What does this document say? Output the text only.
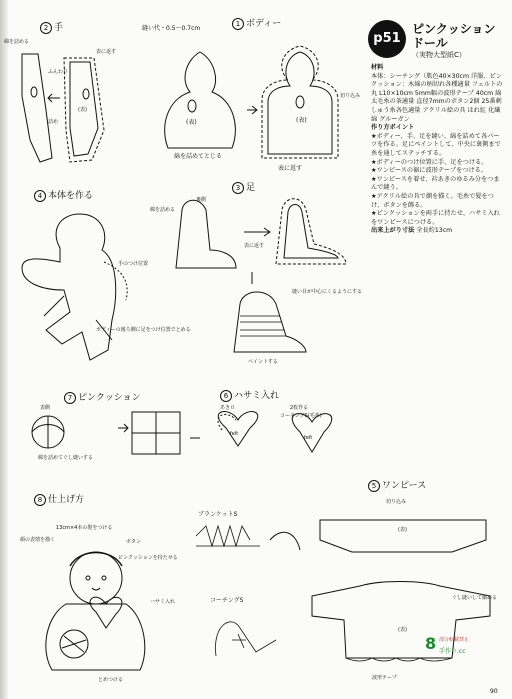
p51
ピンクッション
ドール
（実物大型紙C）
材料
本体：シーチング（肌色40×30cm 洋服、ピンクッション：木綿の柄切れ各種適量 フェルトの丸 L10×10cm 5mm幅の波形テープ 40cm 綿 太毛糸の茶適量 直径7mmのボタン2個 25番刺しゅう糸各色適量 アクリル絵の具 はれ紅 化繊綿 グルーガン
作り方ポイント
★ボディー、手、足を縫い、綿を詰めて各パーツを作る。足にペイントして、中央に裏側まで糸を通してステッチする。
★ボディーのつけ位置に手、足をつける。
★ワンピースの裾に波形テープをつける。
★ワンピースを着せ、衿あきのゆるみ分をつまんで縫う。
★アクリル絵の具で顔を描く。毛糸で髪をつけ、ボタンを飾る。
★ピンクッションを両手に持たせ、ハサミ入れをワンピースにつける。
出来上がり寸法 全長約13cm
1 ボディー
縫い代・0.5〜0.7cm
(表)
(表)
綿を詰めてとじる
表に返す
切り込み
2 手
綿を詰める
ふんわり
詰め
表に返す
(表)
3 足
綿を詰める
裏側
表に返す
ペイントする
縫い目が中心にくるようにする
4 本体を作る
手のつけ位置
ボディーの後ろ側に足をつけ位置でとめる
7 ピンクッション
表側
綿を詰めてぐし縫いする
6 ハサミ入れ
あきロ	2枚作る
コーチングS(毛糸)
felt
felt
5 ワンピース
切り込み
(表)
(表)
波形テープ
ぐし縫いして縮める
ブランケットS
コーチングS
8 仕上げ方
13cm×4本の髪をつける
顔の表情を描く	ボタン
ピンクッションを持たせる
ハサミ入れ
とめつける
8 部分転載禁止
手作り.cc
90
